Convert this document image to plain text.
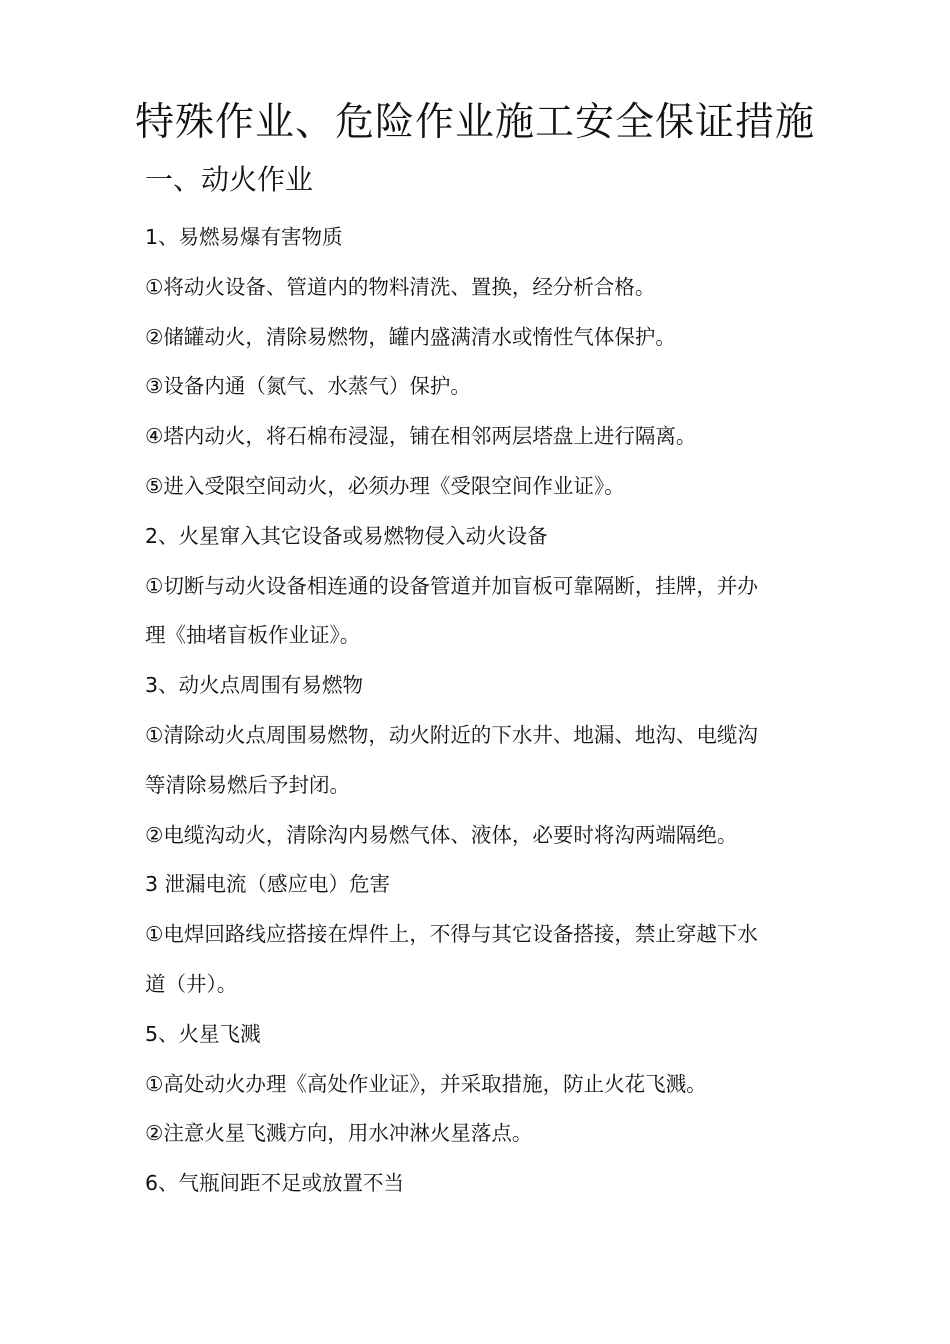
特殊作业、危险作业施工安全保证措施
一、动火作业

1、易燃易爆有害物质

①将动火设备、管道内的物料清洗、置换，经分析合格。

②储罐动火，清除易燃物，罐内盛满清水或惰性气体保护。

③设备内通（氮气、水蒸气）保护。

④塔内动火，将石棉布浸湿，铺在相邻两层塔盘上进行隔离。

⑤进入受限空间动火，必须办理《受限空间作业证》。

2、火星窜入其它设备或易燃物侵入动火设备

①切断与动火设备相连通的设备管道并加盲板可靠隔断，挂牌，并办

理《抽堵盲板作业证》。

3、动火点周围有易燃物

①清除动火点周围易燃物，动火附近的下水井、地漏、地沟、电缆沟

等清除易燃后予封闭。

②电缆沟动火，清除沟内易燃气体、液体，必要时将沟两端隔绝。

3 泄漏电流（感应电）危害

①电焊回路线应搭接在焊件上，不得与其它设备搭接，禁止穿越下水

道（井）。

5、火星飞溅

①高处动火办理《高处作业证》，并采取措施，防止火花飞溅。

②注意火星飞溅方向，用水冲淋火星落点。

6、气瓶间距不足或放置不当
